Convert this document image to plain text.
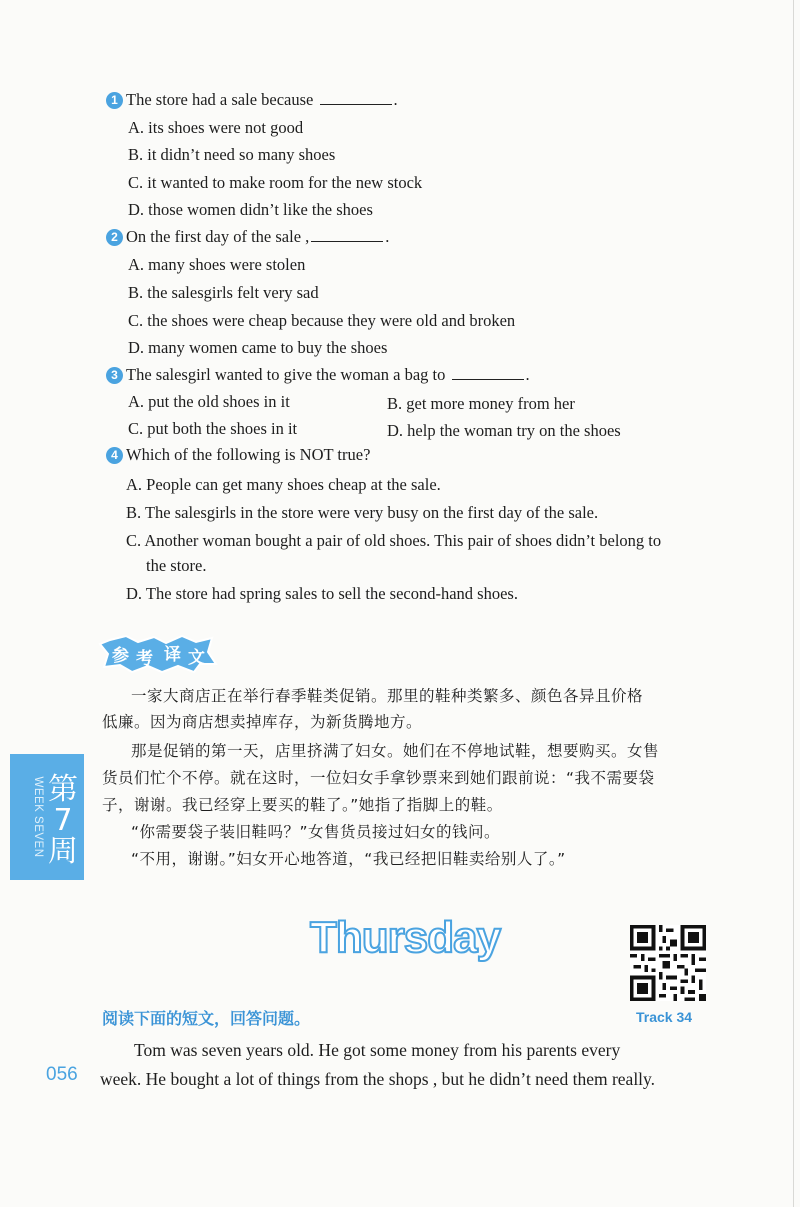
1 The store had a sale because	.
A. its shoes were not good
B. it didn’t need so many shoes
C. it wanted to make room for the new stock
D. those women didn’t like the shoes
2 On the first day of the sale ,	.
A. many shoes were stolen
B. the salesgirls felt very sad
C. the shoes were cheap because they were old and broken
D. many women came to buy the shoes
3 The salesgirl wanted to give the woman a bag to	.
A. put the old shoes in it	B. get more money from her
C. put both the shoes in it	D. help the woman try on the shoes
4 Which of the following is NOT true?
A. People can get many shoes cheap at the sale.
B. The salesgirls in the store were very busy on the first day of the sale.
C. Another woman bought a pair of old shoes. This pair of shoes didn’t belong to
the store.
D. The store had spring sales to sell the second-hand shoes.
参 考 译 文
一家大商店正在举行春季鞋类促销。那里的鞋种类繁多、颜色各异且价格
低廉。因为商店想卖掉库存，为新货腾地方。
那是促销的第一天，店里挤满了妇女。她们在不停地试鞋，想要购买。女售
货员们忙个不停。就在这时，一位妇女手拿钞票来到她们跟前说：“我不需要袋
子，谢谢。我已经穿上要买的鞋了。”她指了指脚上的鞋。
“你需要袋子装旧鞋吗？”女售货员接过妇女的钱问。
“不用，谢谢。”妇女开心地答道，“我已经把旧鞋卖给别人了。”
第
7
周
WEEK SEVEN
Thursday
Track 34
阅读下面的短文，回答问题。
Tom was seven years old. He got some money from his parents every
week. He bought a lot of things from the shops , but he didn’t need them really.
056
